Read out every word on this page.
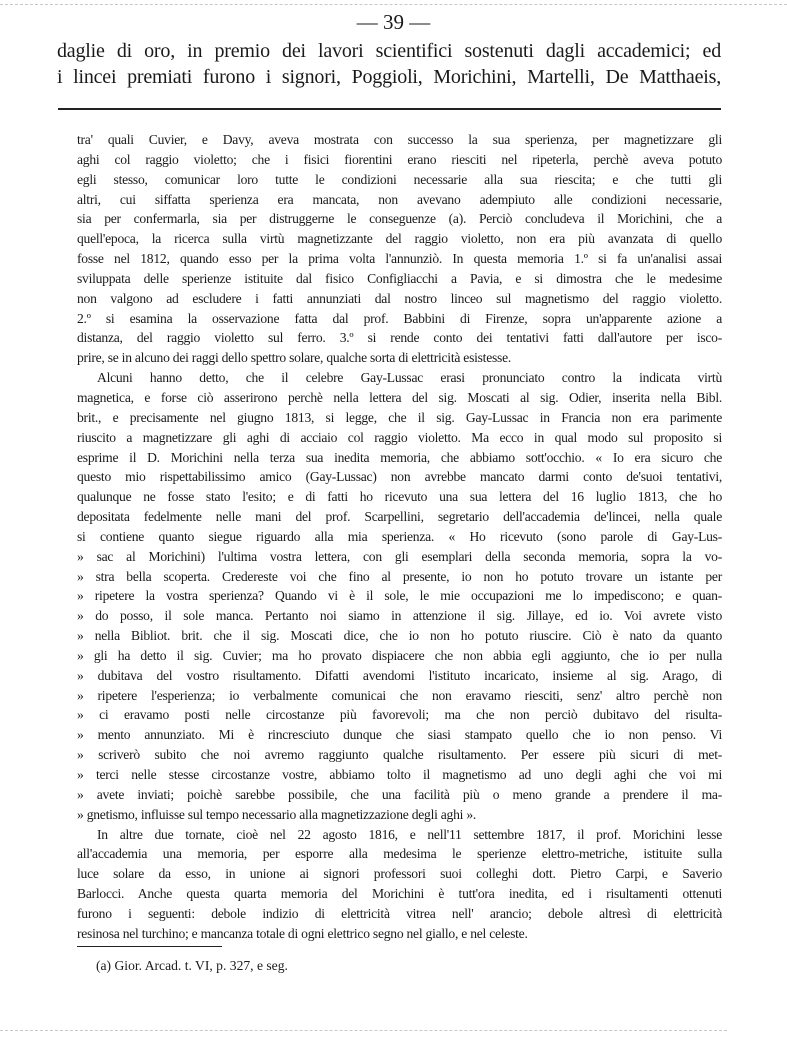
— 39 —
daglie di oro, in premio dei lavori scientifici sostenuti dagli accademici; ed
i lincei premiati furono i signori, Poggioli, Morichini, Martelli, De Matthaeis,
tra' quali Cuvier, e Davy, aveva mostrata con successo la sua sperienza, per magnetizzare gli
aghi col raggio violetto; che i fisici fiorentini erano riesciti nel ripeterla, perchè aveva potuto
egli stesso, comunicar loro tutte le condizioni necessarie alla sua riescita; e che tutti gli
altri, cui siffatta sperienza era mancata, non avevano adempiuto alle condizioni necessarie,
sia per confermarla, sia per distruggerne le conseguenze (a). Perciò concludeva il Morichini, che a
quell'epoca, la ricerca sulla virtù magnetizzante del raggio violetto, non era più avanzata di quello
fosse nel 1812, quando esso per la prima volta l'annunziò. In questa memoria 1.º si fa un'analisi assai
sviluppata delle sperienze istituite dal fisico Configliacchi a Pavia, e si dimostra che le medesime
non valgono ad escludere i fatti annunziati dal nostro linceo sul magnetismo del raggio violetto.
2.º si esamina la osservazione fatta dal prof. Babbini di Firenze, sopra un'apparente azione a
distanza, del raggio violetto sul ferro. 3.º si rende conto dei tentativi fatti dall'autore per isco-
prire, se in alcuno dei raggi dello spettro solare, qualche sorta di elettricità esistesse.
Alcuni hanno detto, che il celebre Gay-Lussac erasi pronunciato contro la indicata virtù
magnetica, e forse ciò asserirono perchè nella lettera del sig. Moscati al sig. Odier, inserita nella Bibl.
brit., e precisamente nel giugno 1813, si legge, che il sig. Gay-Lussac in Francia non era parimente
riuscito a magnetizzare gli aghi di acciaio col raggio violetto. Ma ecco in qual modo sul proposito si
esprime il D. Morichini nella terza sua inedita memoria, che abbiamo sott'occhio. « Io era sicuro che
questo mio rispettabilissimo amico (Gay-Lussac) non avrebbe mancato darmi conto de'suoi tentativi,
qualunque ne fosse stato l'esito; e di fatti ho ricevuto una sua lettera del 16 luglio 1813, che ho
depositata fedelmente nelle mani del prof. Scarpellini, segretario dell'accademia de'lincei, nella quale
si contiene quanto siegue riguardo alla mia sperienza. « Ho ricevuto (sono parole di Gay-Lus-
» sac al Morichini) l'ultima vostra lettera, con gli esemplari della seconda memoria, sopra la vo-
» stra bella scoperta. Credereste voi che fino al presente, io non ho potuto trovare un istante per
» ripetere la vostra sperienza? Quando vi è il sole, le mie occupazioni me lo impediscono; e quan-
» do posso, il sole manca. Pertanto noi siamo in attenzione il sig. Jillaye, ed io. Voi avrete visto
» nella Bibliot. brit. che il sig. Moscati dice, che io non ho potuto riuscire. Ciò è nato da quanto
» gli ha detto il sig. Cuvier; ma ho provato dispiacere che non abbia egli aggiunto, che io per nulla
» dubitava del vostro risultamento. Difatti avendomi l'istituto incaricato, insieme al sig. Arago, di
» ripetere l'esperienza; io verbalmente comunicai che non eravamo riesciti, senz' altro perchè non
» ci eravamo posti nelle circostanze più favorevoli; ma che non perciò dubitavo del risulta-
» mento annunziato. Mi è rincresciuto dunque che siasi stampato quello che io non penso. Vi
» scriverò subito che noi avremo raggiunto qualche risultamento. Per essere più sicuri di met-
» terci nelle stesse circostanze vostre, abbiamo tolto il magnetismo ad uno degli aghi che voi mi
» avete inviati; poichè sarebbe possibile, che una facilità più o meno grande a prendere il ma-
» gnetismo, influisse sul tempo necessario alla magnetizzazione degli aghi ».
In altre due tornate, cioè nel 22 agosto 1816, e nell'11 settembre 1817, il prof. Morichini lesse
all'accademia una memoria, per esporre alla medesima le sperienze elettro-metriche, istituite sulla
luce solare da esso, in unione ai signori professori suoi colleghi dott. Pietro Carpi, e Saverio
Barlocci. Anche questa quarta memoria del Morichini è tutt'ora inedita, ed i risultamenti ottenuti
furono i seguenti: debole indizio di elettricità vitrea nell' arancio; debole altresì di elettricità
resinosa nel turchino; e mancanza totale di ogni elettrico segno nel giallo, e nel celeste.
(a) Gior. Arcad. t. VI, p. 327, e seg.
